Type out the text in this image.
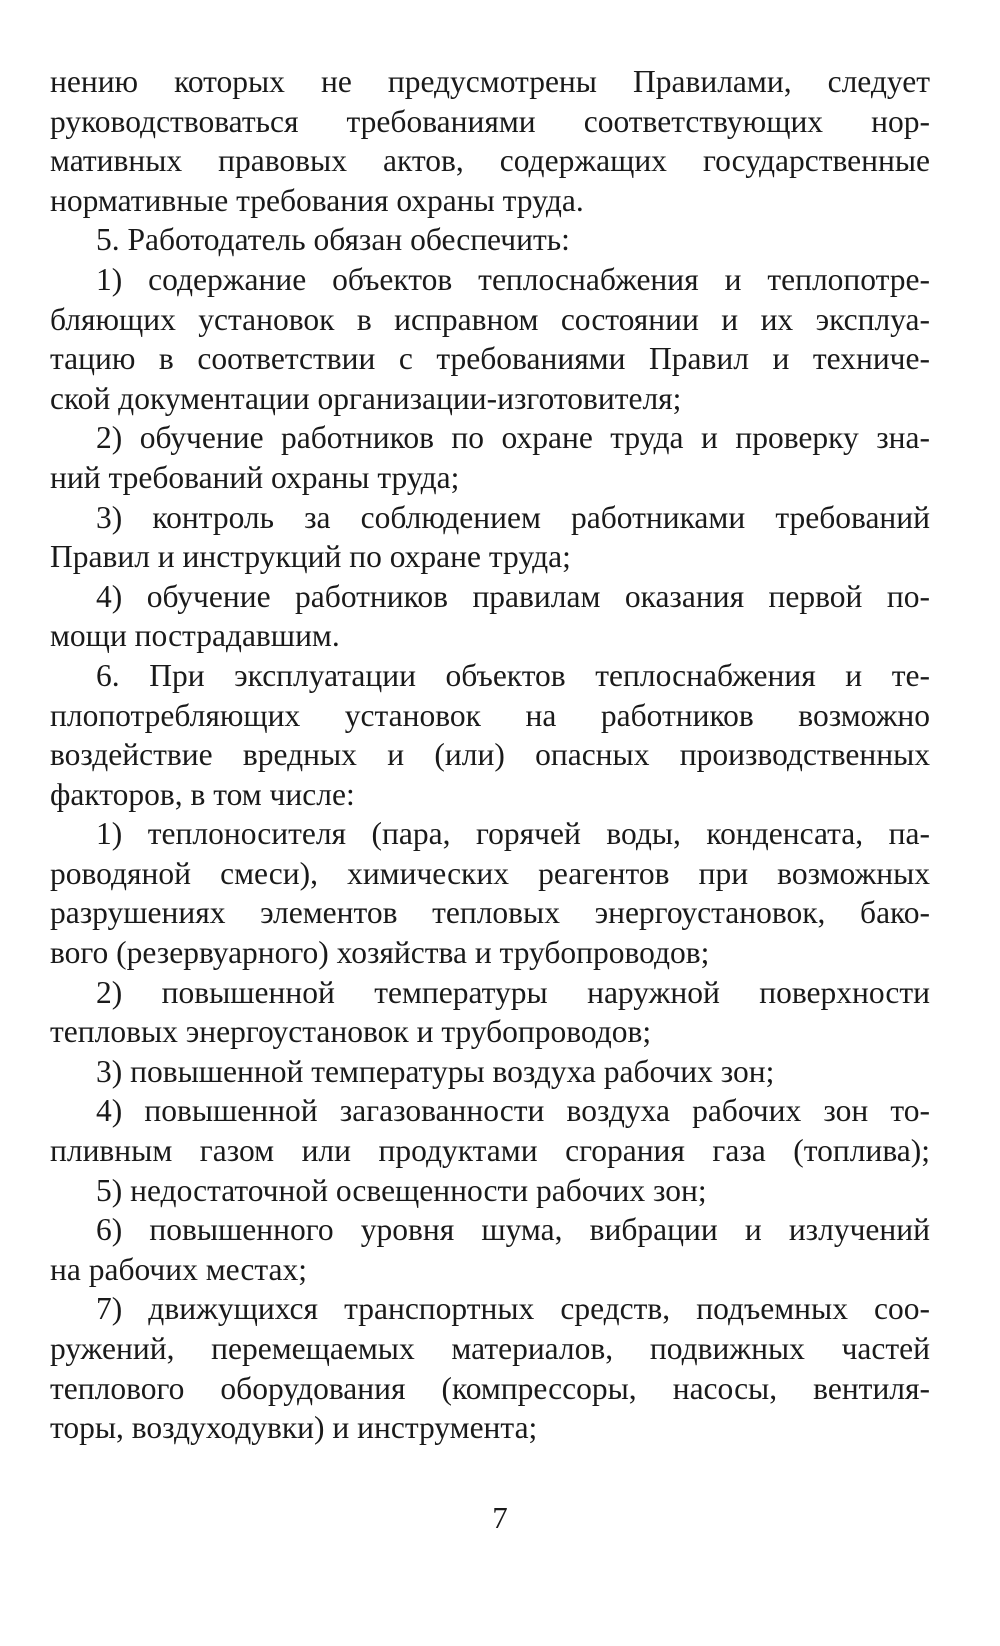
нению которых не предусмотрены Правилами, следует
руководствоваться требованиями соответствующих нор-
мативных правовых актов, содержащих государственные
нормативные требования охраны труда.
5. Работодатель обязан обеспечить:
1) содержание объектов теплоснабжения и теплопотре-
бляющих установок в исправном состоянии и их эксплуа-
тацию в соответствии с требованиями Правил и техниче-
ской документации организации-изготовителя;
2) обучение работников по охране труда и проверку зна-
ний требований охраны труда;
3) контроль за соблюдением работниками требований
Правил и инструкций по охране труда;
4) обучение работников правилам оказания первой по-
мощи пострадавшим.
6. При эксплуатации объектов теплоснабжения и те-
плопотребляющих установок на работников возможно
воздействие вредных и (или) опасных производственных
факторов, в том числе:
1) теплоносителя (пара, горячей воды, конденсата, па-
роводяной смеси), химических реагентов при возможных
разрушениях элементов тепловых энергоустановок, бако-
вого (резервуарного) хозяйства и трубопроводов;
2) повышенной температуры наружной поверхности
тепловых энергоустановок и трубопроводов;
3) повышенной температуры воздуха рабочих зон;
4) повышенной загазованности воздуха рабочих зон то-
пливным газом или продуктами сгорания газа (топлива);
5) недостаточной освещенности рабочих зон;
6) повышенного уровня шума, вибрации и излучений
на рабочих местах;
7) движущихся транспортных средств, подъемных соо-
ружений, перемещаемых материалов, подвижных частей
теплового оборудования (компрессоры, насосы, вентиля-
торы, воздуходувки) и инструмента;
7
